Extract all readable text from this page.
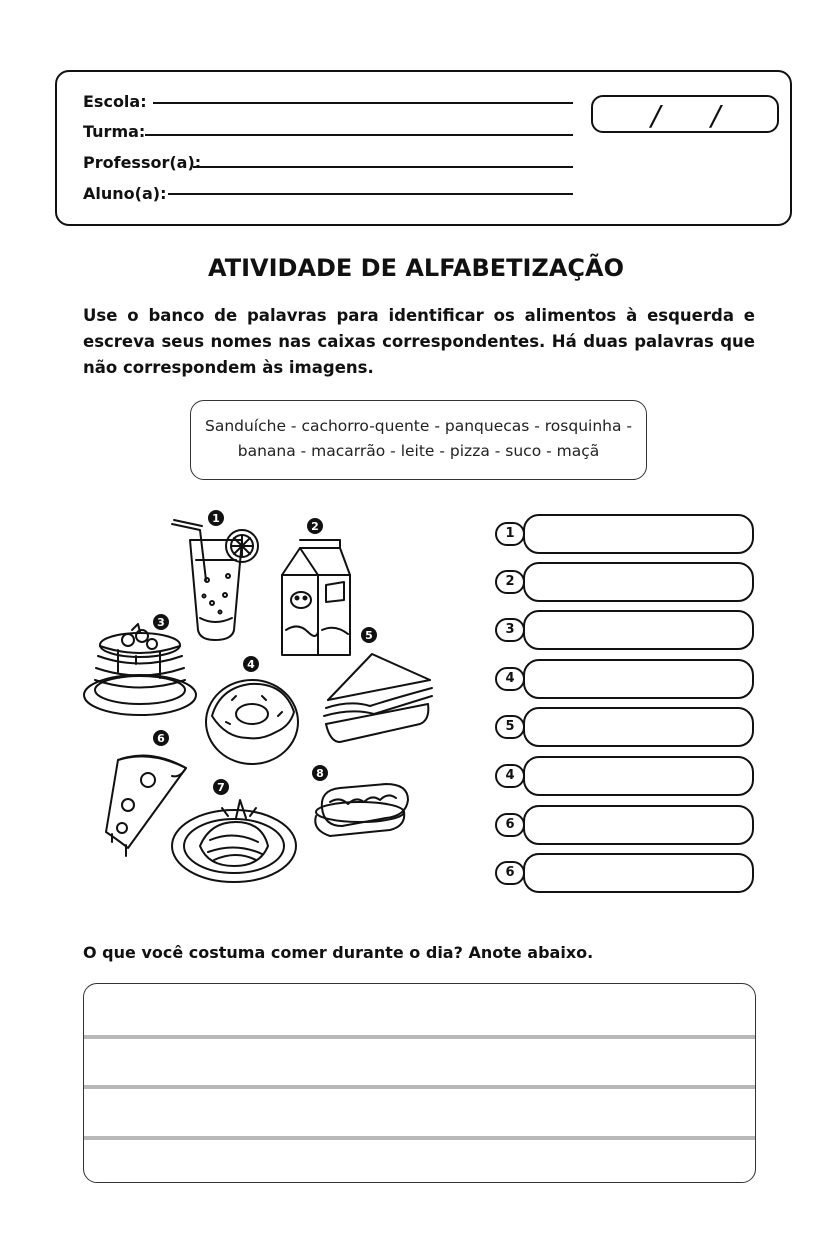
Escola:
Turma:
Professor(a):
Aluno(a):
/ /
ATIVIDADE DE ALFABETIZAÇÃO
Use o banco de palavras para identificar os alimentos à esquerda e escreva seus nomes nas caixas correspondentes. Há duas palavras que não correspondem às imagens.
Sanduíche - cachorro-quente - panquecas - rosquinha -
banana - macarrão - leite - pizza - suco - maçã
1
2
3
4
5
6
7
8
1
2
3
4
5
4
6
6
O que você costuma comer durante o dia? Anote abaixo.
